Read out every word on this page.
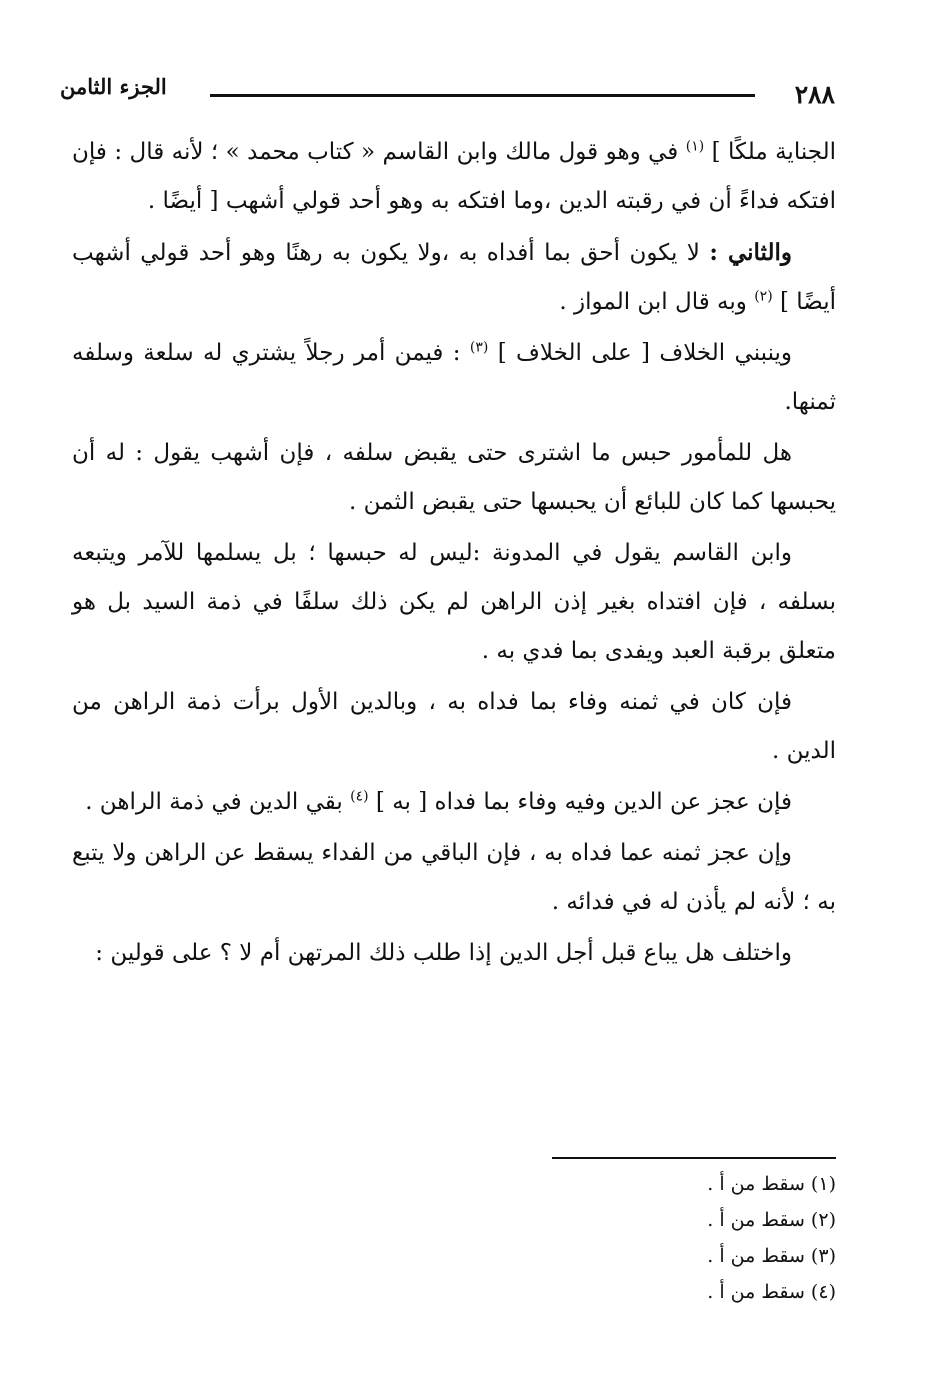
٢٨٨
الجزء الثامن

الجناية ملكًا ] $^{(١)}$ في وهو قول مالك وابن القاسم « كتاب محمد » ؛ لأنه قال : فإن افتكه فداءً أن في رقبته الدين ،وما افتكه به وهو أحد قولي أشهب [ أيضًا .

والثاني : لا يكون أحق بما أفداه به ،ولا يكون به رهنًا وهو أحد قولي أشهب أيضًا ] $^{(٢)}$ وبه قال ابن المواز .

وينبني الخلاف [ على الخلاف ] $^{(٣)}$ : فيمن أمر رجلاً يشتري له سلعة وسلفه ثمنها.

هل للمأمور حبس ما اشترى حتى يقبض سلفه ، فإن أشهب يقول : له أن يحبسها كما كان للبائع أن يحبسها حتى يقبض الثمن .

وابن القاسم يقول في المدونة :ليس له حبسها ؛ بل يسلمها للآمر ويتبعه بسلفه ، فإن افتداه بغير إذن الراهن لم يكن ذلك سلفًا في ذمة السيد بل هو متعلق برقبة العبد ويفدى بما فدي به .

فإن كان في ثمنه وفاء بما فداه به ، وبالدين الأول برأت ذمة الراهن من الدين .

فإن عجز عن الدين وفيه وفاء بما فداه [ به ] $^{(٤)}$ بقي الدين في ذمة الراهن .

وإن عجز ثمنه عما فداه به ، فإن الباقي من الفداء يسقط عن الراهن ولا يتبع به ؛ لأنه لم يأذن له في فدائه .

واختلف هل يباع قبل أجل الدين إذا طلب ذلك المرتهن أم لا ؟ على قولين :

(١) سقط من أ .
(٢) سقط من أ .
(٣) سقط من أ .
(٤) سقط من أ .
